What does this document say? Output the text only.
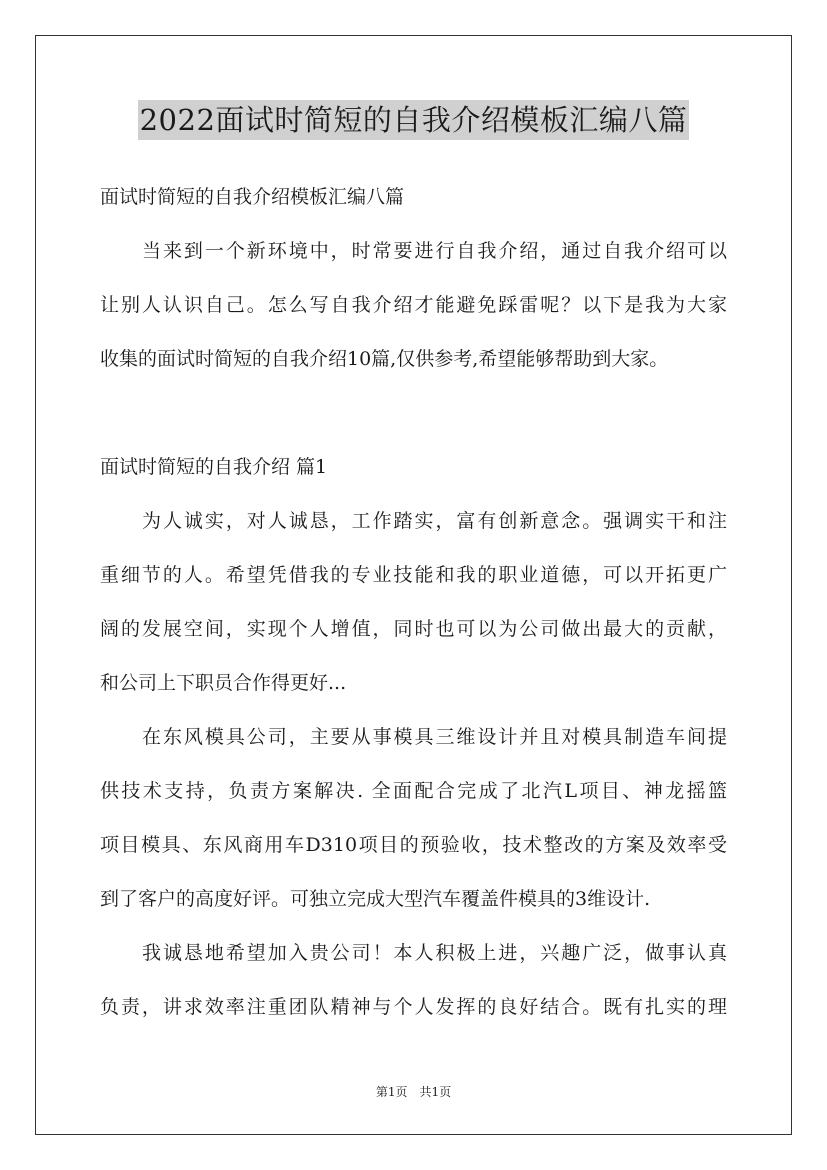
2022面试时简短的自我介绍模板汇编八篇
面试时简短的自我介绍模板汇编八篇
当来到一个新环境中，时常要进行自我介绍，通过自我介绍可以
让别人认识自己。怎么写自我介绍才能避免踩雷呢？以下是我为大家
收集的面试时简短的自我介绍10篇,仅供参考,希望能够帮助到大家。
面试时简短的自我介绍 篇1
为人诚实，对人诚恳，工作踏实，富有创新意念。强调实干和注
重细节的人。希望凭借我的专业技能和我的职业道德，可以开拓更广
阔的发展空间，实现个人增值，同时也可以为公司做出最大的贡献，
和公司上下职员合作得更好...
在东风模具公司，主要从事模具三维设计并且对模具制造车间提
供技术支持，负责方案解决. 全面配合完成了北汽L项目、神龙摇篮
项目模具、东风商用车D310项目的预验收，技术整改的方案及效率受
到了客户的高度好评。可独立完成大型汽车覆盖件模具的3维设计.
我诚恳地希望加入贵公司！本人积极上进，兴趣广泛，做事认真
负责，讲求效率注重团队精神与个人发挥的良好结合。既有扎实的理
第1页 共1页
